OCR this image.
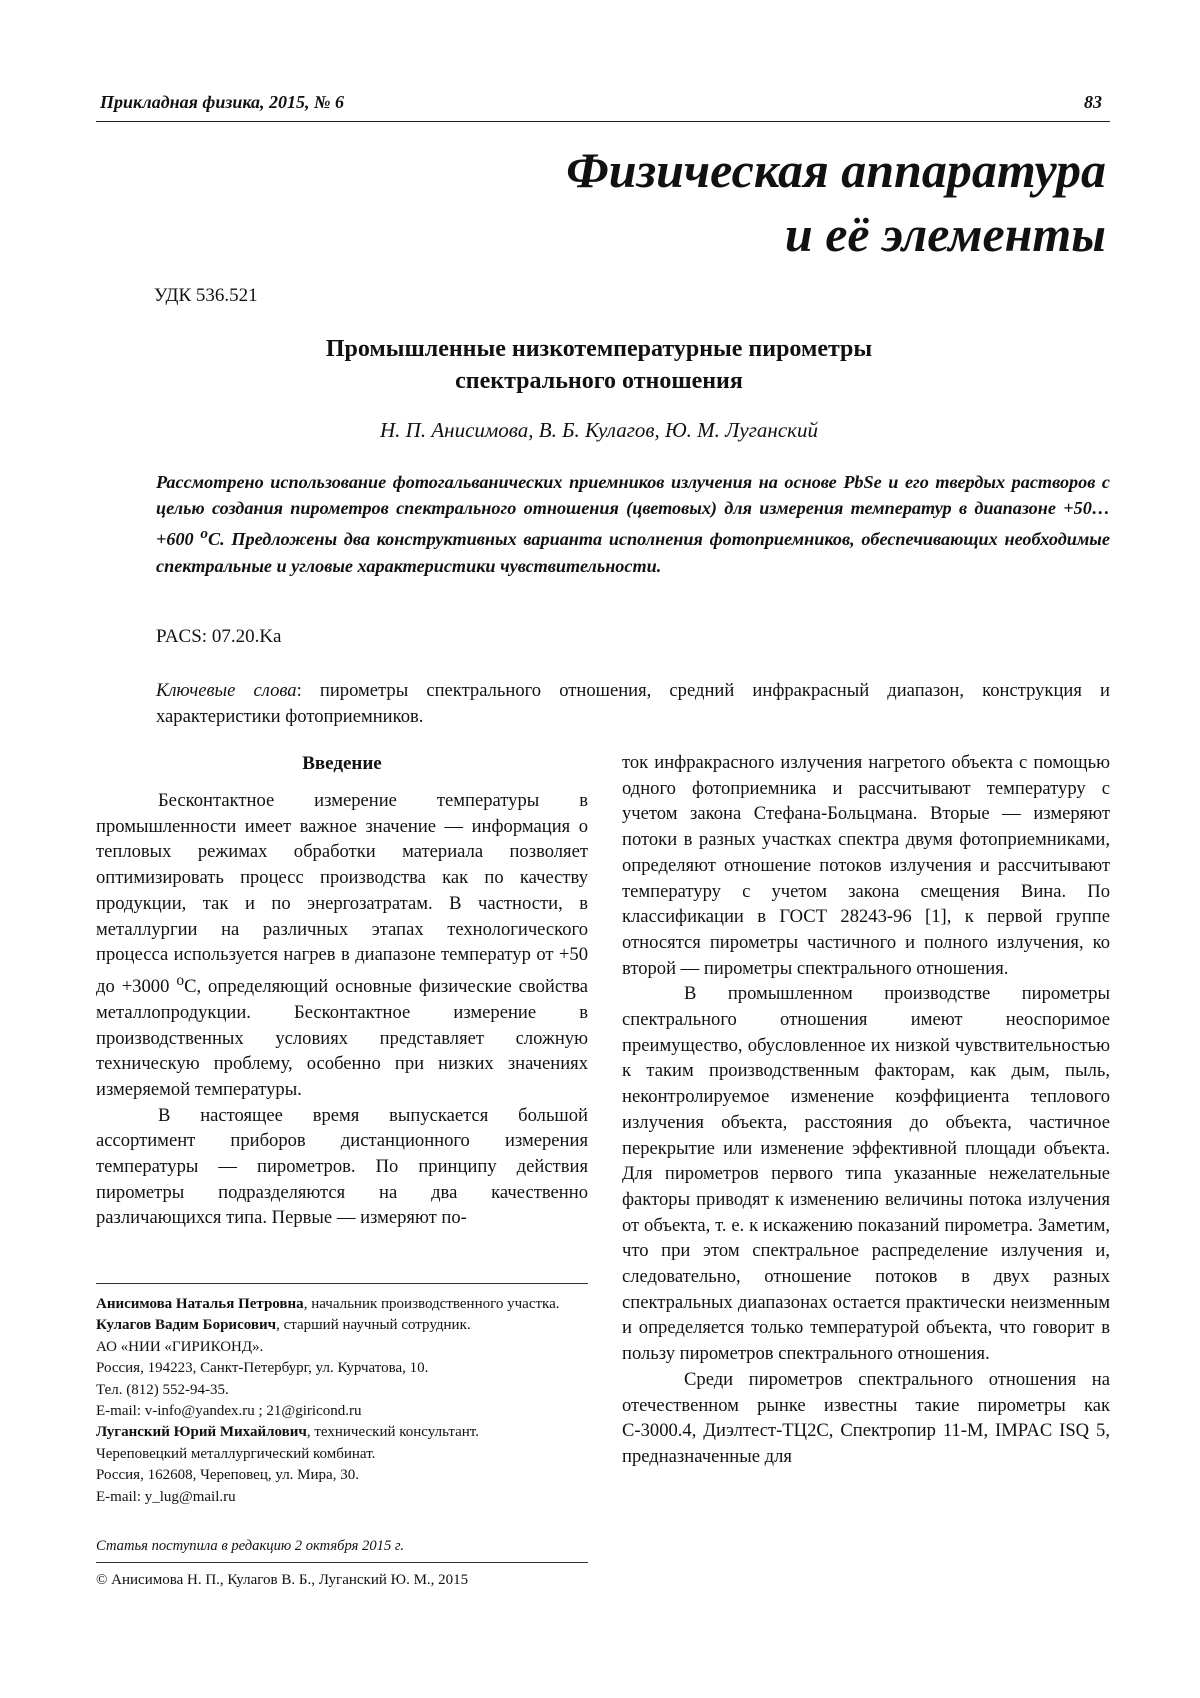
Прикладная физика, 2015, № 6	83
Физическая аппаратура
и её элементы
УДК 536.521
Промышленные низкотемпературные пирометры
спектрального отношения
Н. П. Анисимова, В. Б. Кулагов, Ю. М. Луганский
Рассмотрено использование фотогальванических приемников излучения на основе PbSe и его твердых растворов с целью создания пирометров спектрального отношения (цветовых) для измерения температур в диапазоне +50…+600 $^o$С. Предложены два конструктивных варианта исполнения фотоприемников, обеспечивающих необходимые спектральные и угловые характеристики чувствительности.
PACS: 07.20.Ka
Ключевые слова: пирометры спектрального отношения, средний инфракрасный диапазон, конструкция и характеристики фотоприемников.
Введение

Бесконтактное измерение температуры в промышленности имеет важное значение — информация о тепловых режимах обработки материала позволяет оптимизировать процесс производства как по качеству продукции, так и по энергозатратам. В частности, в металлургии на различных этапах технологического процесса используется нагрев в диапазоне температур от +50 до +3000 $^o$С, определяющий основные физические свойства металлопродукции. Бесконтактное измерение в производственных условиях представляет сложную техническую проблему, особенно при низких значениях измеряемой температуры.

В настоящее время выпускается большой ассортимент приборов дистанционного измерения температуры — пирометров. По принципу действия пирометры подразделяются на два качественно различающихся типа. Первые — измеряют по-

ток инфракрасного излучения нагретого объекта с помощью одного фотоприемника и рассчитывают температуру с учетом закона Стефана-Больцмана. Вторые — измеряют потоки в разных участках спектра двумя фотоприемниками, определяют отношение потоков излучения и рассчитывают температуру с учетом закона смещения Вина. По классификации в ГОСТ 28243-96 [1], к первой группе относятся пирометры частичного и полного излучения, ко второй — пирометры спектрального отношения.

В промышленном производстве пирометры спектрального отношения имеют неоспоримое преимущество, обусловленное их низкой чувствительностью к таким производственным факторам, как дым, пыль, неконтролируемое изменение коэффициента теплового излучения объекта, расстояния до объекта, частичное перекрытие или изменение эффективной площади объекта. Для пирометров первого типа указанные нежелательные факторы приводят к изменению величины потока излучения от объекта, т. е. к искажению показаний пирометра. Заметим, что при этом спектральное распределение излучения и, следовательно, отношение потоков в двух разных спектральных диапазонах остается практически неизменным и определяется только температурой объекта, что говорит в пользу пирометров спектрального отношения.

Среди пирометров спектрального отношения на отечественном рынке известны такие пирометры как С-3000.4, Диэлтест-ТЦ2С, Спектропир 11-М, IMPAC ISQ 5, предназначенные для

Анисимова Наталья Петровна, начальник производственного участка.
Кулагов Вадим Борисович, старший научный сотрудник.
АО «НИИ «ГИРИКОНД».
Россия, 194223, Санкт-Петербург, ул. Курчатова, 10.
Тел. (812) 552-94-35.
E-mail: v-info@yandex.ru ; 21@giricond.ru
Луганский Юрий Михайлович, технический консультант.
Череповецкий металлургический комбинат.
Россия, 162608, Череповец, ул. Мира, 30.
E-mail: y_lug@mail.ru
Статья поступила в редакцию 2 октября 2015 г.
© Анисимова Н. П., Кулагов В. Б., Луганский Ю. М., 2015
